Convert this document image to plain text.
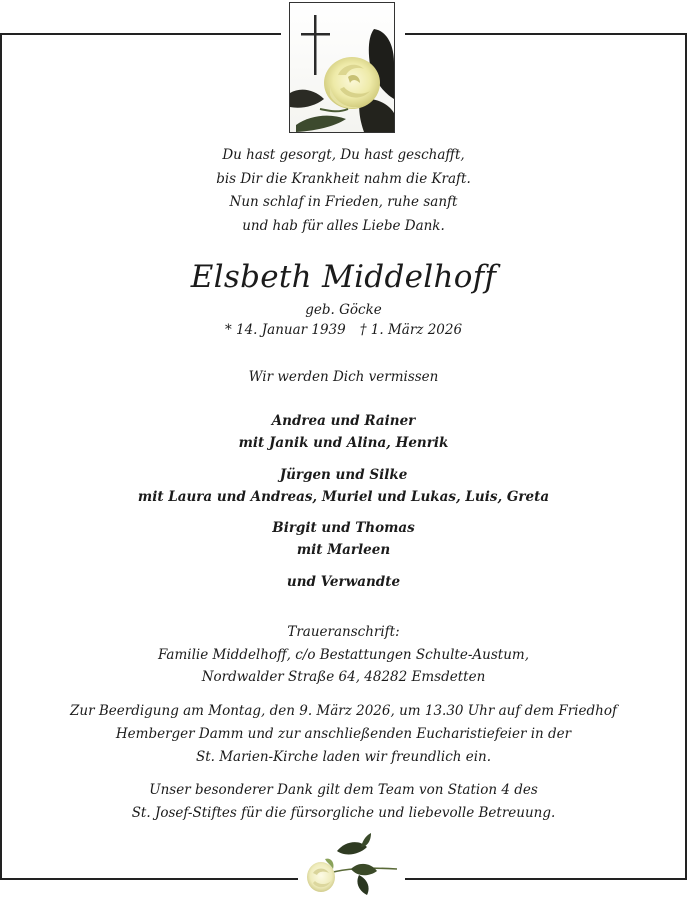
Du hast gesorgt, Du hast geschafft,
bis Dir die Krankheit nahm die Kraft.
Nun schlaf in Frieden, ruhe sanft
und hab für alles Liebe Dank.
Elsbeth Middelhoff
geb. Göcke
* 14. Januar 1939 † 1. März 2026
Wir werden Dich vermissen
Andrea und Rainer
mit Janik und Alina, Henrik
Jürgen und Silke
mit Laura und Andreas, Muriel und Lukas, Luis, Greta
Birgit und Thomas
mit Marleen
und Verwandte
Traueranschrift:
Familie Middelhoff, c/o Bestattungen Schulte-Austum,
Nordwalder Straße 64, 48282 Emsdetten
Zur Beerdigung am Montag, den 9. März 2026, um 13.30 Uhr auf dem Friedhof
Hemberger Damm und zur anschließenden Eucharistiefeier in der
St. Marien-Kirche laden wir freundlich ein.
Unser besonderer Dank gilt dem Team von Station 4 des
St. Josef-Stiftes für die fürsorgliche und liebevolle Betreuung.
